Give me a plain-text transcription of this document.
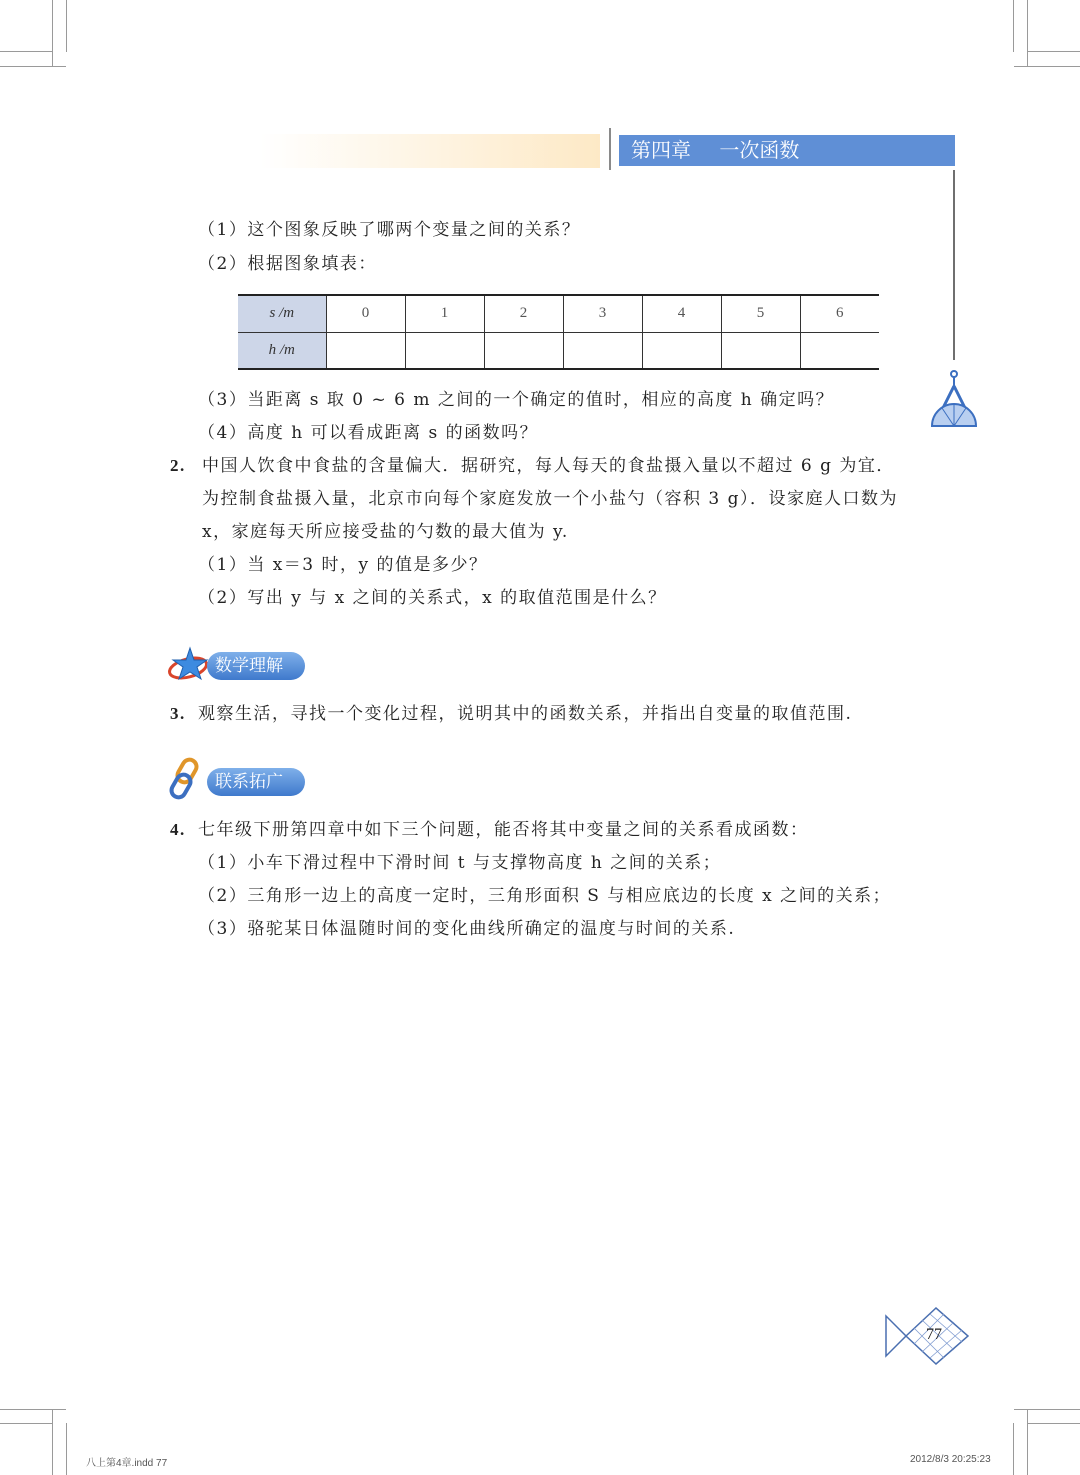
第四章 一次函数
（1）这个图象反映了哪两个变量之间的关系？
（2）根据图象填表：
s /m	0	1	2	3	4	5	6
h /m							
（3）当距离 s 取 0 ~ 6 m 之间的一个确定的值时，相应的高度 h 确定吗？
（4）高度 h 可以看成距离 s 的函数吗？
2. 中国人饮食中食盐的含量偏大．据研究，每人每天的食盐摄入量以不超过 6 g 为宜．
为控制食盐摄入量，北京市向每个家庭发放一个小盐勺（容积 3 g）．设家庭人口数为
x，家庭每天所应接受盐的勺数的最大值为 y.
（1）当 x＝3 时，y 的值是多少？
（2）写出 y 与 x 之间的关系式，x 的取值范围是什么？
数学理解
3. 观察生活，寻找一个变化过程，说明其中的函数关系，并指出自变量的取值范围.
联系拓广
4. 七年级下册第四章中如下三个问题，能否将其中变量之间的关系看成函数：
（1）小车下滑过程中下滑时间 t 与支撑物高度 h 之间的关系；
（2）三角形一边上的高度一定时，三角形面积 S 与相应底边的长度 x 之间的关系；
（3）骆驼某日体温随时间的变化曲线所确定的温度与时间的关系.
77
八上第4章.indd 77	2012/8/3 20:25:23
